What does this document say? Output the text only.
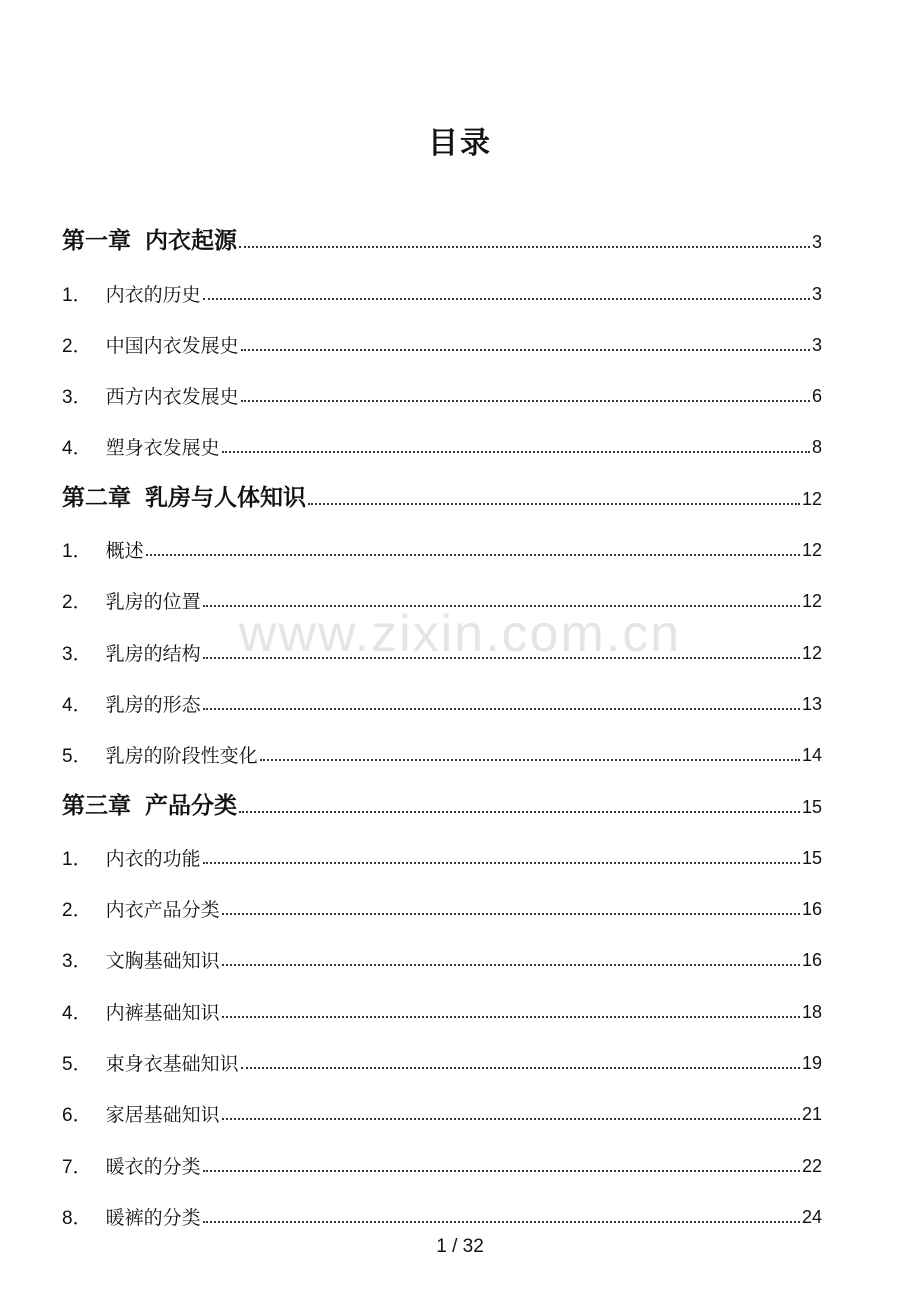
目录
www.zixin.com.cn
第一章 内衣起源	3
1． 内衣的历史	3
2． 中国内衣发展史	3
3． 西方内衣发展史	6
4． 塑身衣发展史	8
第二章 乳房与人体知识	12
1． 概述	12
2． 乳房的位置	12
3． 乳房的结构	12
4． 乳房的形态	13
5． 乳房的阶段性变化	14
第三章 产品分类	15
1． 内衣的功能	15
2． 内衣产品分类	16
3． 文胸基础知识	16
4． 内裤基础知识	18
5． 束身衣基础知识	19
6． 家居基础知识	21
7． 暖衣的分类	22
8． 暖裤的分类	24
1 / 32
